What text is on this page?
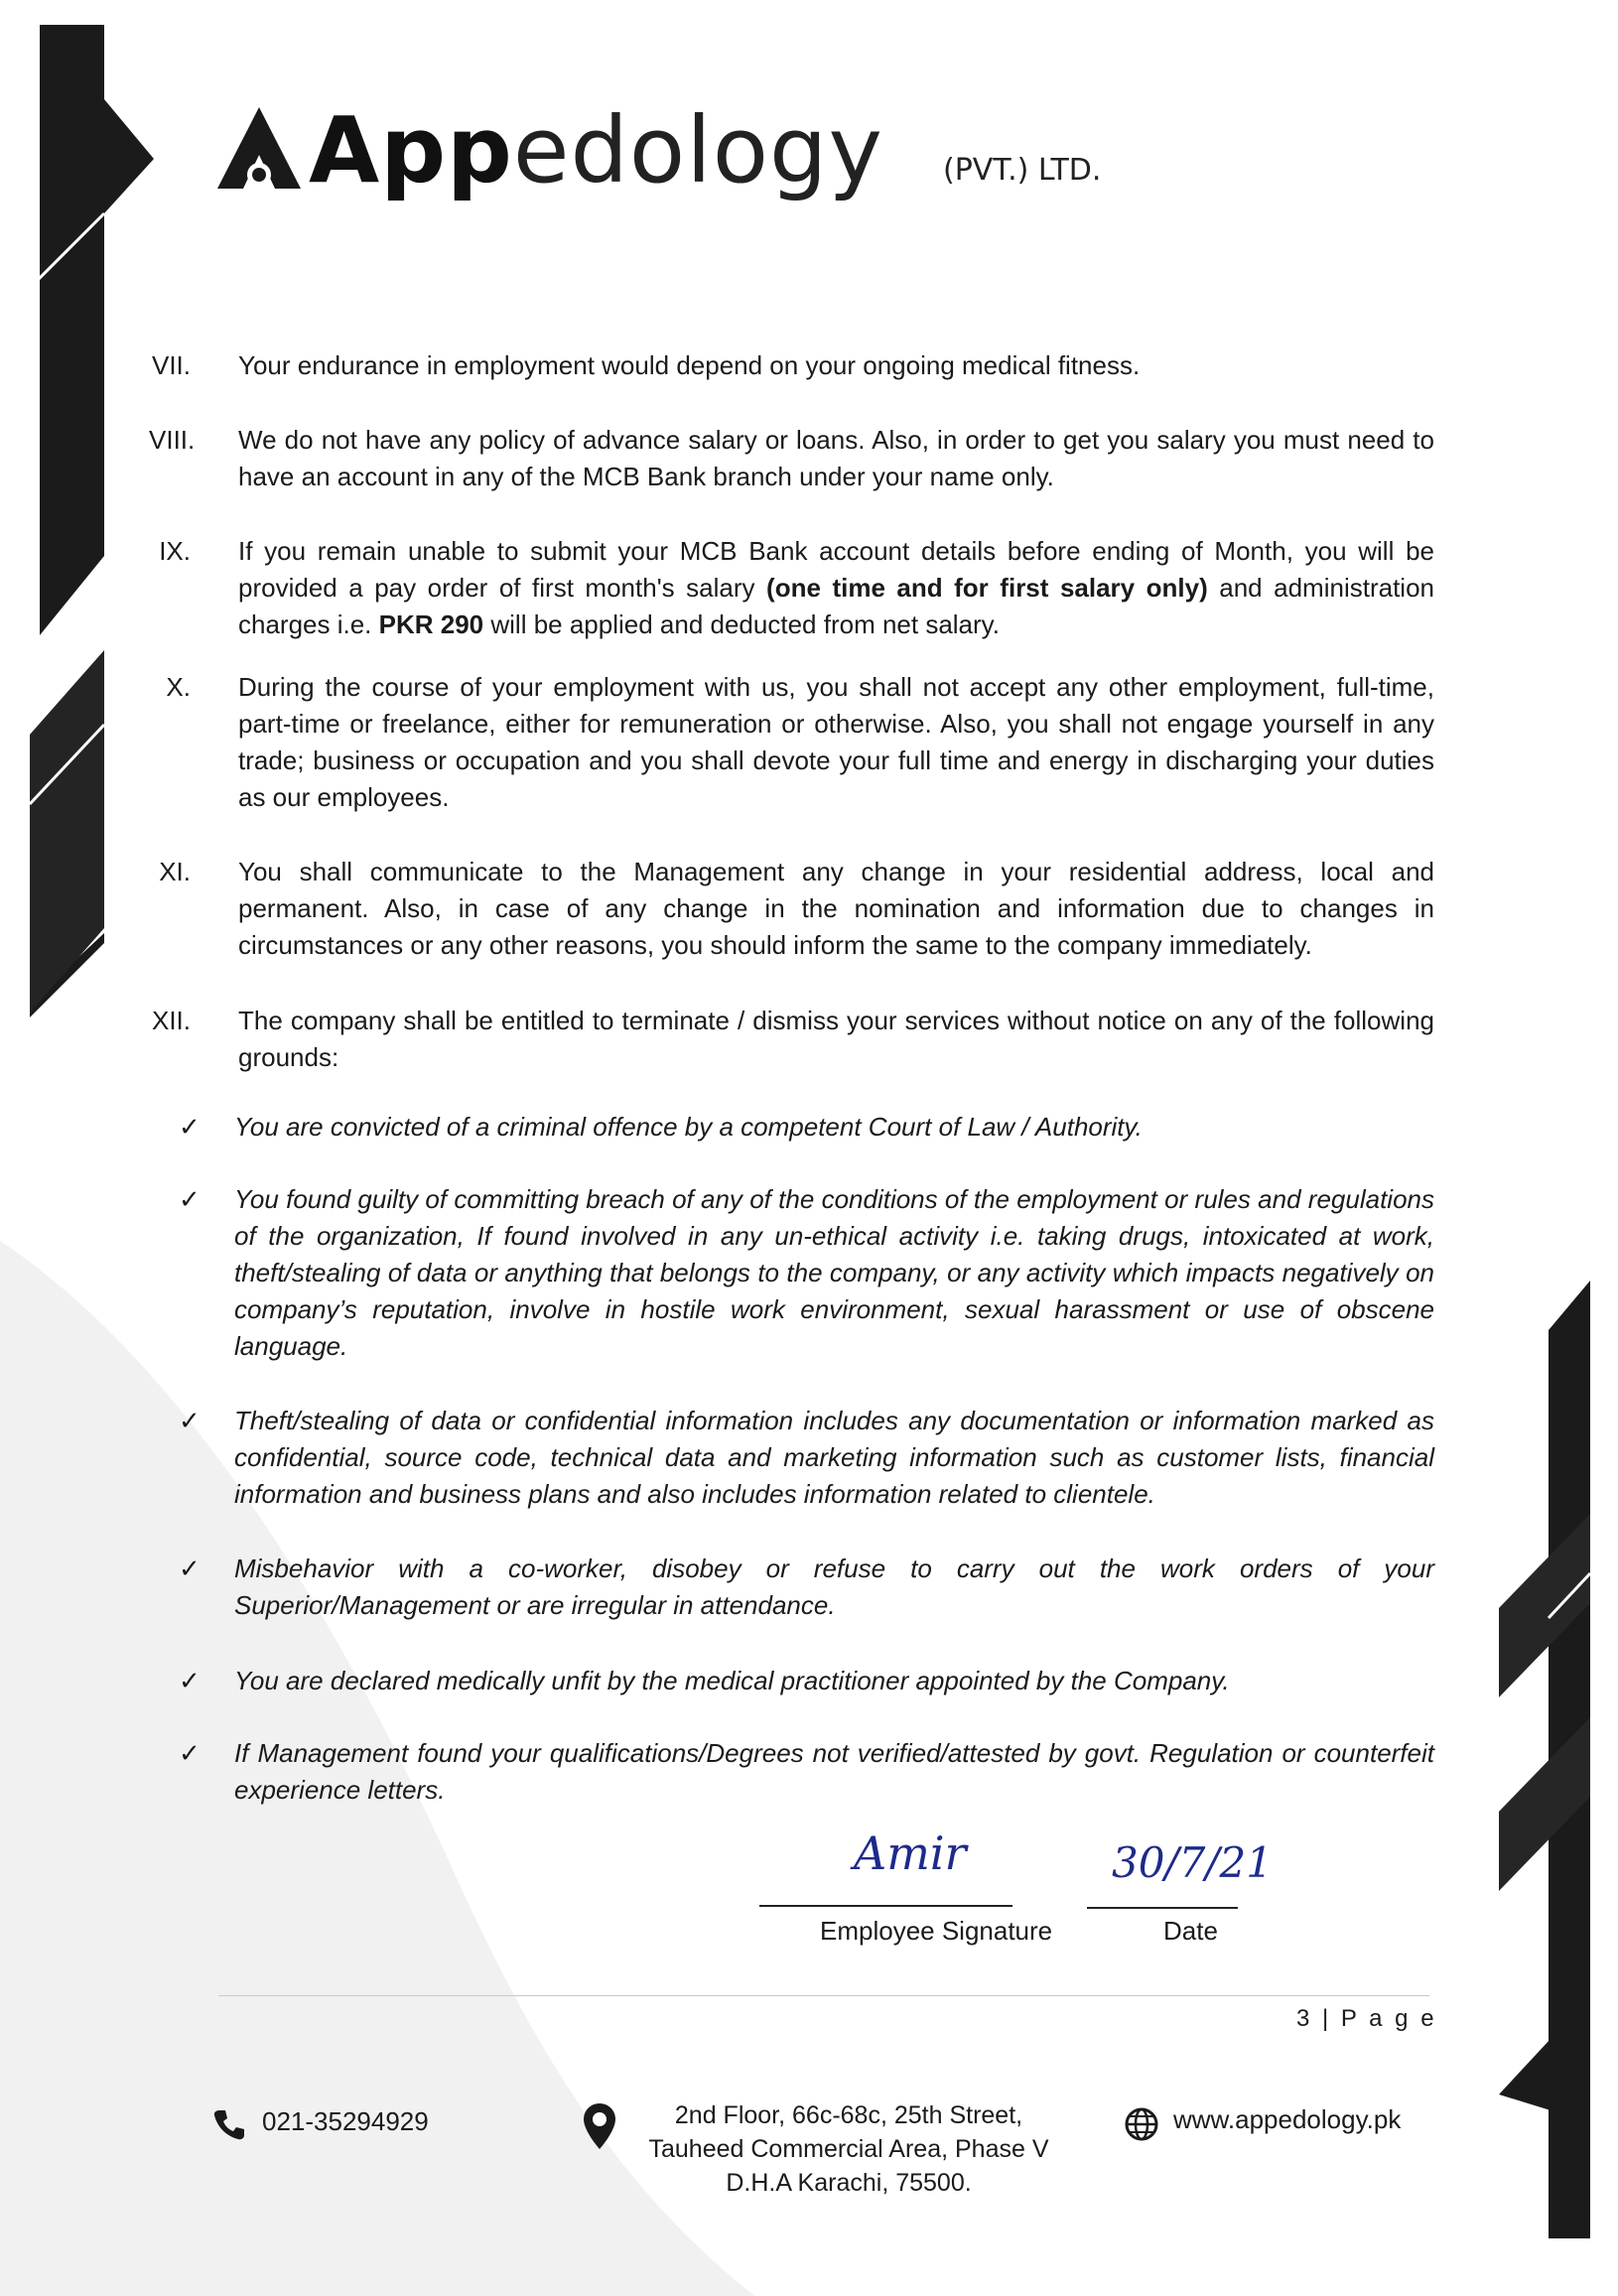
Appedology (PVT.) LTD.
VII. Your endurance in employment would depend on your ongoing medical fitness.
VIII. We do not have any policy of advance salary or loans. Also, in order to get you salary you must need to have an account in any of the MCB Bank branch under your name only.
IX. If you remain unable to submit your MCB Bank account details before ending of Month, you will be provided a pay order of first month's salary (one time and for first salary only) and administration charges i.e. PKR 290 will be applied and deducted from net salary.
X. During the course of your employment with us, you shall not accept any other employment, full-time, part-time or freelance, either for remuneration or otherwise. Also, you shall not engage yourself in any trade; business or occupation and you shall devote your full time and energy in discharging your duties as our employees.
XI. You shall communicate to the Management any change in your residential address, local and permanent. Also, in case of any change in the nomination and information due to changes in circumstances or any other reasons, you should inform the same to the company immediately.
XII. The company shall be entitled to terminate / dismiss your services without notice on any of the following grounds:
✓ You are convicted of a criminal offence by a competent Court of Law / Authority.
✓ You found guilty of committing breach of any of the conditions of the employment or rules and regulations of the organization, If found involved in any un-ethical activity i.e. taking drugs, intoxicated at work, theft/stealing of data or anything that belongs to the company, or any activity which impacts negatively on company’s reputation, involve in hostile work environment, sexual harassment or use of obscene language.
✓ Theft/stealing of data or confidential information includes any documentation or information marked as confidential, source code, technical data and marketing information such as customer lists, financial information and business plans and also includes information related to clientele.
✓ Misbehavior with a co-worker, disobey or refuse to carry out the work orders of your Superior/Management or are irregular in attendance.
✓ You are declared medically unfit by the medical practitioner appointed by the Company.
✓ If Management found your qualifications/Degrees not verified/attested by govt. Regulation or counterfeit experience letters.
Amir	30/7/21
Employee Signature	Date
3 | P a g e
021-35294929	2nd Floor, 66c-68c, 25th Street,
Tauheed Commercial Area, Phase V
D.H.A Karachi, 75500.
www.appedology.pk
